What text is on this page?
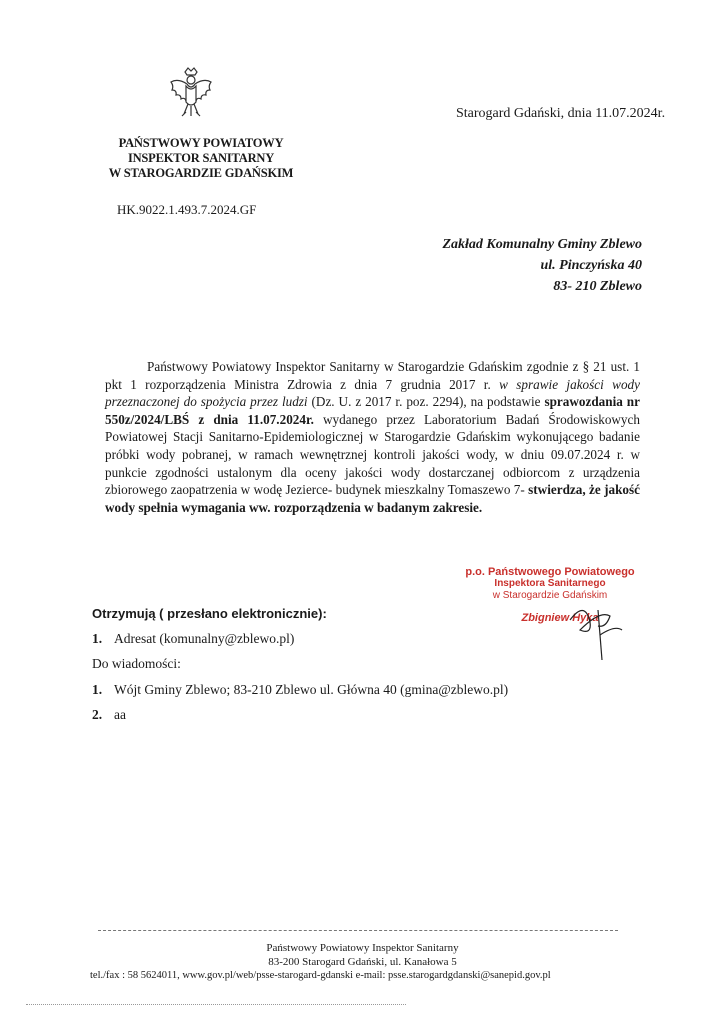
Starogard Gdański, dnia 11.07.2024r.
PAŃSTWOWY POWIATOWY
INSPEKTOR SANITARNY
W STAROGARDZIE GDAŃSKIM
HK.9022.1.493.7.2024.GF
Zakład Komunalny Gminy Zblewo
ul. Pinczyńska 40
83- 210 Zblewo

Państwowy Powiatowy Inspektor Sanitarny w Starogardzie Gdańskim zgodnie z § 21 ust. 1 pkt 1 rozporządzenia Ministra Zdrowia z dnia 7 grudnia 2017 r. w sprawie jakości wody przeznaczonej do spożycia przez ludzi (Dz. U. z 2017 r. poz. 2294), na podstawie sprawozdania nr 550z/2024/LBŚ z dnia 11.07.2024r. wydanego przez Laboratorium Badań Środowiskowych Powiatowej Stacji Sanitarno-Epidemiologicznej w Starogardzie Gdańskim wykonującego badanie próbki wody pobranej, w ramach wewnętrznej kontroli jakości wody, w dniu 09.07.2024 r. w punkcie zgodności ustalonym dla oceny jakości wody dostarczanej odbiorcom z urządzenia zbiorowego zaopatrzenia w wodę Jezierce- budynek mieszkalny Tomaszewo 7- stwierdza, że jakość wody spełnia wymagania ww. rozporządzenia w badanym zakresie.

p.o. Państwowego Powiatowego
Inspektora Sanitarnego
w Starogardzie Gdańskim
Zbigniew Hyka
Otrzymują ( przesłano elektronicznie):
1. Adresat (komunalny@zblewo.pl)
Do wiadomości:
1. Wójt Gminy Zblewo; 83-210 Zblewo ul. Główna 40 (gmina@zblewo.pl)
2. aa
Państwowy Powiatowy Inspektor Sanitarny
83-200 Starogard Gdański, ul. Kanałowa 5
tel./fax : 58 5624011, www.gov.pl/web/psse-starogard-gdanski e-mail: psse.starogardgdanski@sanepid.gov.pl
